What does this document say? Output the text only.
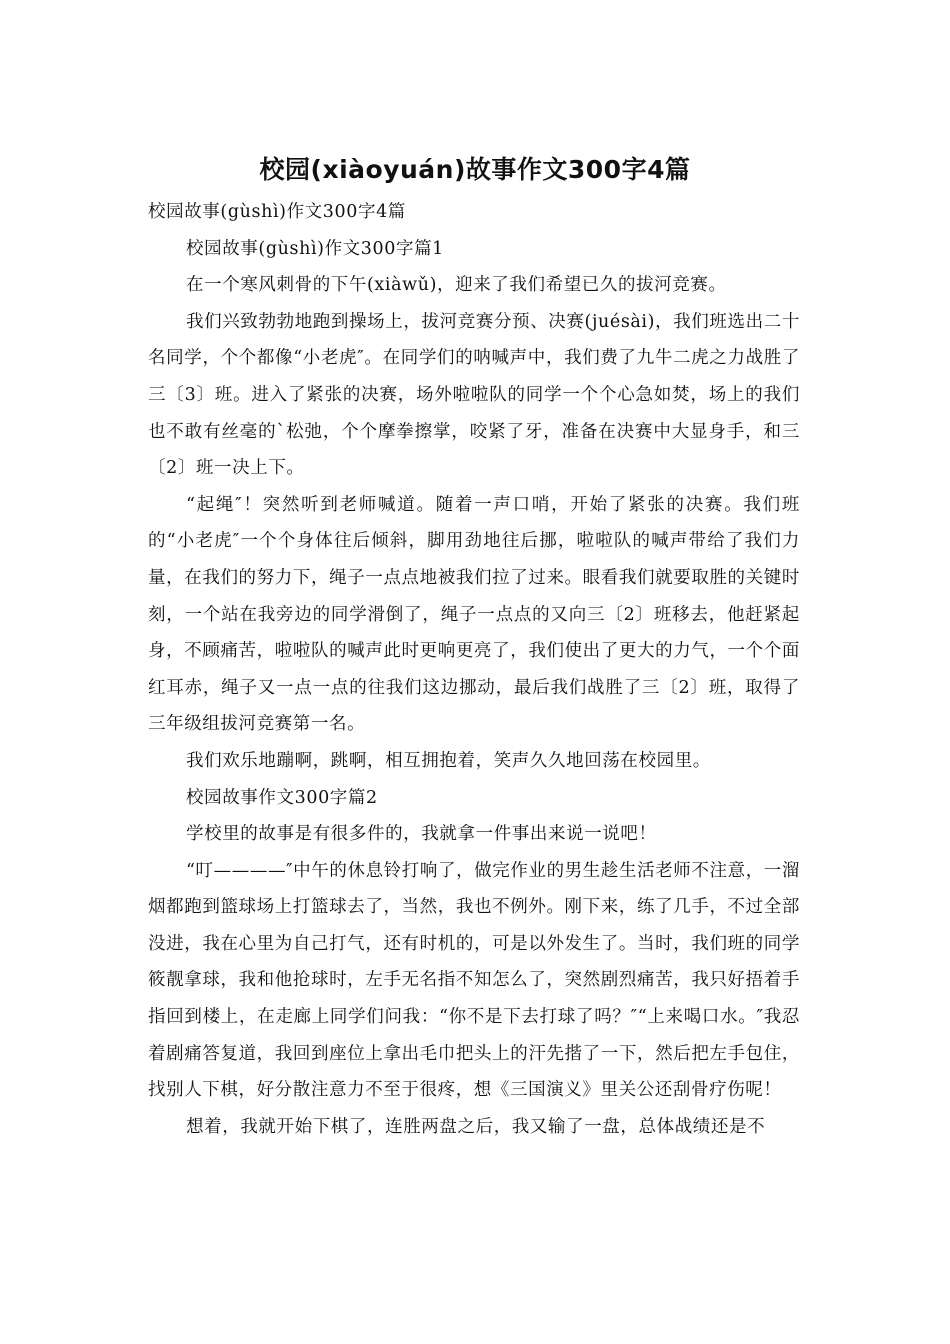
校园(xiàoyuán)故事作文300字4篇

校园故事(gùshì)作文300字4篇

校园故事(gùshì)作文300字篇1

在一个寒风刺骨的下午(xiàwǔ)，迎来了我们希望已久的拔河竞赛。

我们兴致勃勃地跑到操场上，拔河竞赛分预、决赛(juésài)，我们班选出二十名同学，个个都像“小老虎″。在同学们的呐喊声中，我们费了九牛二虎之力战胜了三〔3〕班。进入了紧张的决赛，场外啦啦队的同学一个个心急如焚，场上的我们也不敢有丝毫的`松弛，个个摩拳擦掌，咬紧了牙，准备在决赛中大显身手，和三〔2〕班一决上下。

“起绳″！突然听到老师喊道。随着一声口哨，开始了紧张的决赛。我们班的“小老虎″一个个身体往后倾斜，脚用劲地往后挪，啦啦队的喊声带给了我们力量，在我们的努力下，绳子一点点地被我们拉了过来。眼看我们就要取胜的关键时刻，一个站在我旁边的同学滑倒了，绳子一点点的又向三〔2〕班移去，他赶紧起身，不顾痛苦，啦啦队的喊声此时更响更亮了，我们使出了更大的力气，一个个面红耳赤，绳子又一点一点的往我们这边挪动，最后我们战胜了三〔2〕班，取得了三年级组拔河竞赛第一名。

我们欢乐地蹦啊，跳啊，相互拥抱着，笑声久久地回荡在校园里。

校园故事作文300字篇2

学校里的故事是有很多件的，我就拿一件事出来说一说吧！

“叮————″中午的休息铃打响了，做完作业的男生趁生活老师不注意，一溜烟都跑到篮球场上打篮球去了，当然，我也不例外。刚下来，练了几手，不过全部没进，我在心里为自己打气，还有时机的，可是以外发生了。当时，我们班的同学筱靓拿球，我和他抢球时，左手无名指不知怎么了，突然剧烈痛苦，我只好捂着手指回到楼上，在走廊上同学们问我：“你不是下去打球了吗？″“上来喝口水。″我忍着剧痛答复道，我回到座位上拿出毛巾把头上的汗先揩了一下，然后把左手包住，找别人下棋，好分散注意力不至于很疼，想《三国演义》里关公还刮骨疗伤呢！

想着，我就开始下棋了，连胜两盘之后，我又输了一盘，总体战绩还是不
